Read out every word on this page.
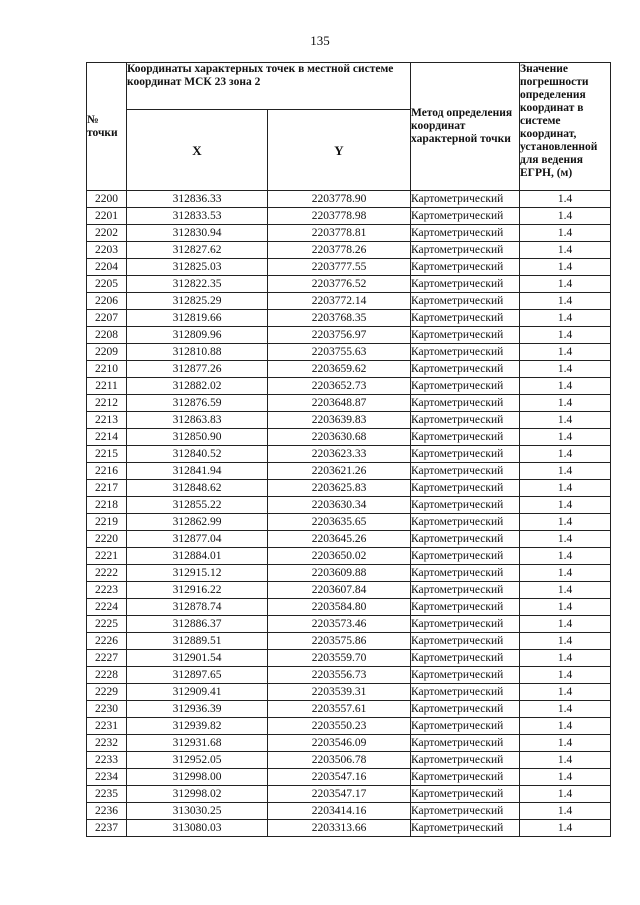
135
№ точки	Координаты характерных точек в местной системе координат МСК 23 зона 2		Метод определения координат характерной точки	Значение погрешности определения координат в системе координат, установленной для ведения ЕГРН, (м)
	X	Y		
2200	312836.33	2203778.90	Картометрический	1.4
2201	312833.53	2203778.98	Картометрический	1.4
2202	312830.94	2203778.81	Картометрический	1.4
2203	312827.62	2203778.26	Картометрический	1.4
2204	312825.03	2203777.55	Картометрический	1.4
2205	312822.35	2203776.52	Картометрический	1.4
2206	312825.29	2203772.14	Картометрический	1.4
2207	312819.66	2203768.35	Картометрический	1.4
2208	312809.96	2203756.97	Картометрический	1.4
2209	312810.88	2203755.63	Картометрический	1.4
2210	312877.26	2203659.62	Картометрический	1.4
2211	312882.02	2203652.73	Картометрический	1.4
2212	312876.59	2203648.87	Картометрический	1.4
2213	312863.83	2203639.83	Картометрический	1.4
2214	312850.90	2203630.68	Картометрический	1.4
2215	312840.52	2203623.33	Картометрический	1.4
2216	312841.94	2203621.26	Картометрический	1.4
2217	312848.62	2203625.83	Картометрический	1.4
2218	312855.22	2203630.34	Картометрический	1.4
2219	312862.99	2203635.65	Картометрический	1.4
2220	312877.04	2203645.26	Картометрический	1.4
2221	312884.01	2203650.02	Картометрический	1.4
2222	312915.12	2203609.88	Картометрический	1.4
2223	312916.22	2203607.84	Картометрический	1.4
2224	312878.74	2203584.80	Картометрический	1.4
2225	312886.37	2203573.46	Картометрический	1.4
2226	312889.51	2203575.86	Картометрический	1.4
2227	312901.54	2203559.70	Картометрический	1.4
2228	312897.65	2203556.73	Картометрический	1.4
2229	312909.41	2203539.31	Картометрический	1.4
2230	312936.39	2203557.61	Картометрический	1.4
2231	312939.82	2203550.23	Картометрический	1.4
2232	312931.68	2203546.09	Картометрический	1.4
2233	312952.05	2203506.78	Картометрический	1.4
2234	312998.00	2203547.16	Картометрический	1.4
2235	312998.02	2203547.17	Картометрический	1.4
2236	313030.25	2203414.16	Картометрический	1.4
2237	313080.03	2203313.66	Картометрический	1.4
